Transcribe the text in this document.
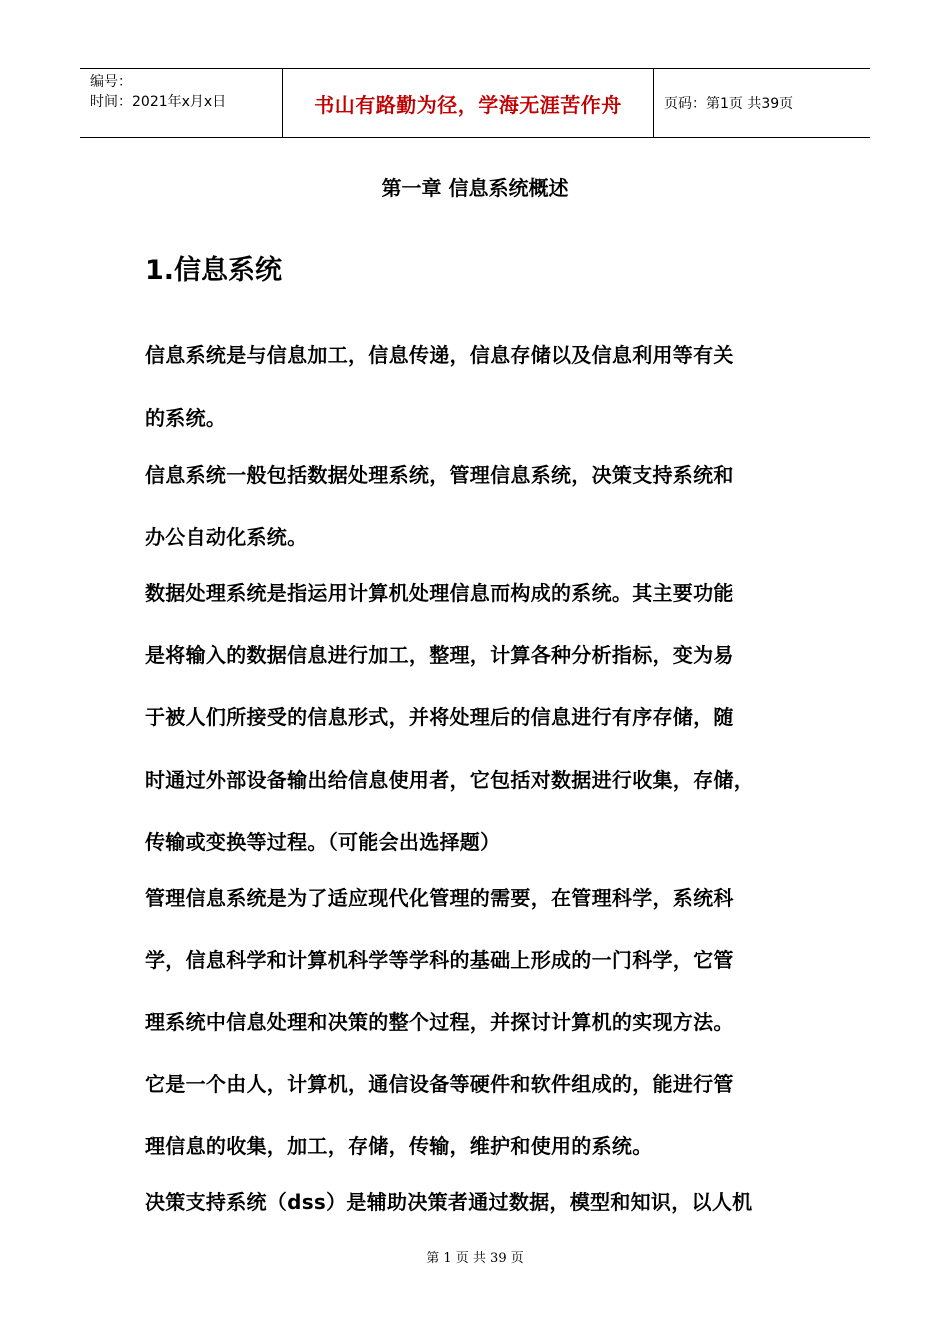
编号：
时间：2021年x月x日	书山有路勤为径，学海无涯苦作舟	页码：第1页 共39页
第一章 信息系统概述
1.信息系统
信息系统是与信息加工，信息传递，信息存储以及信息利用等有关
的系统。
信息系统一般包括数据处理系统，管理信息系统，决策支持系统和
办公自动化系统。
数据处理系统是指运用计算机处理信息而构成的系统。其主要功能
是将输入的数据信息进行加工，整理，计算各种分析指标，变为易
于被人们所接受的信息形式，并将处理后的信息进行有序存储，随
时通过外部设备输出给信息使用者，它包括对数据进行收集，存储，
传输或变换等过程。（可能会出选择题）
管理信息系统是为了适应现代化管理的需要，在管理科学，系统科
学，信息科学和计算机科学等学科的基础上形成的一门科学，它管
理系统中信息处理和决策的整个过程，并探讨计算机的实现方法。
它是一个由人，计算机，通信设备等硬件和软件组成的，能进行管
理信息的收集，加工，存储，传输，维护和使用的系统。
决策支持系统（dss）是辅助决策者通过数据，模型和知识，以人机
第 1 页 共 39 页
